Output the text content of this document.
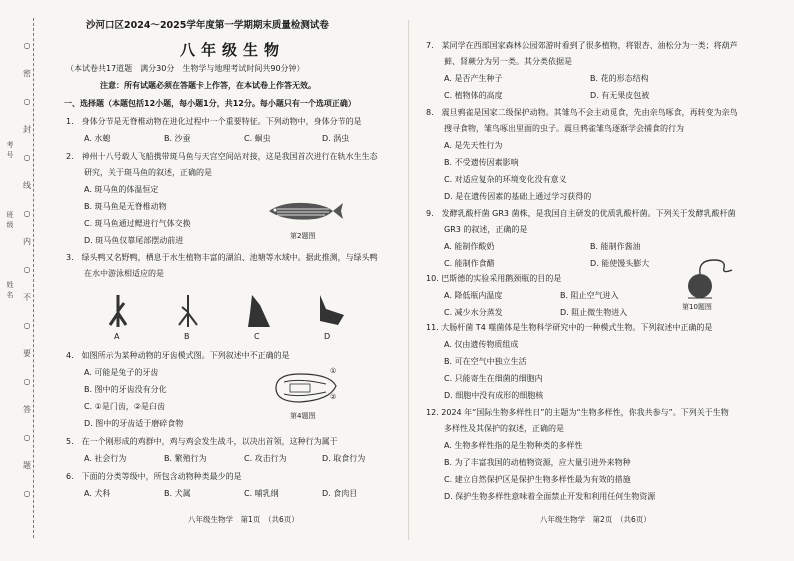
○
密
○
封
○
线
○
内
○
不
○
要
○
答
○
题
○
考
号
班
级
姓
名
沙河口区2024～2025学年度第一学期期末质量检测试卷
八年级生物
（本试卷共17道题　满分30分　生物学与地理考试时间共90分钟）
注意：所有试题必须在答题卡上作答，在本试卷上作答无效。
一、选择题（本题包括12小题，每小题1分，共12分。每小题只有一个选项正确）
1.　身体分节是无脊椎动物在进化过程中一个重要特征。下列动物中，身体分节的是
A. 水螅	B. 沙蚕	C. 蛔虫	D. 涡虫
2.　神州十八号载人飞船携带斑马鱼与天宫空间站对接，这是我国首次进行在轨水生生态
研究，关于斑马鱼的叙述，正确的是
A. 斑马鱼的体温恒定
B. 斑马鱼是无脊椎动物
C. 斑马鱼通过鳃进行气体交换
D. 斑马鱼仅靠尾部摆动前进	第2题图
3.　绿头鸭又名野鸭，栖息于水生植物丰富的湖泊、池塘等水域中。据此推测，与绿头鸭
在水中游泳相适应的是
A	B	C	D
4.　如图所示为某种动物的牙齿模式图。下列叙述中不正确的是
A. 可能是兔子的牙齿
B. 图中的牙齿没有分化
C. ①是门齿，②是臼齿
D. 图中的牙齿适于磨碎食物
①
②
第4题图
5.　在一个刚形成的鸡群中，鸡与鸡会发生战斗，以决出首领，这种行为属于
A. 社会行为	B. 繁殖行为	C. 攻击行为	D. 取食行为
6.　下面的分类等级中，所包含动物种类最少的是
A. 犬科	B. 犬属	C. 哺乳纲	D. 食肉目
八年级生物学　第1页　（共6页）
7.　某同学在西部国家森林公园郊游时看到了很多植物，将银杏、油松分为一类；将葫芦
藓、肾蕨分为另一类。其分类依据是
A. 是否产生种子	B. 花的形态结构
C. 植物体的高度	D. 有无果皮包被
8.　震旦鸦雀是国家二级保护动物。其雏鸟不会主动觅食，先由亲鸟啄食，再转变为亲鸟
搜寻食物，雏鸟啄出里面的虫子。震旦鸦雀雏鸟逐渐学会捕食的行为
A. 是先天性行为
B. 不受遗传因素影响
C. 对适应复杂的环境变化没有意义
D. 是在遗传因素的基础上通过学习获得的
9.　发酵乳酸杆菌 GR3 菌株，是我国自主研发的优质乳酸杆菌。下列关于发酵乳酸杆菌
GR3 的叙述，正确的是
A. 能制作酸奶	B. 能制作酱油
C. 能制作食醋	D. 能使馒头膨大
10. 巴斯德的实验采用鹅颈瓶的目的是
A. 降低瓶内温度	B. 阻止空气进入
C. 减少水分蒸发	D. 阻止微生物进入
第10题图
11. 大肠杆菌 T4 噬菌体是生物科学研究中的一种模式生物。下列叙述中正确的是
A. 仅由遗传物质组成
B. 可在空气中独立生活
C. 只能寄生在细菌的细胞内
D. 细胞中没有成形的细胞核
12. 2024 年“国际生物多样性日”的主题为“生物多样性，你我共参与”。下列关于生物
多样性及其保护的叙述，正确的是
A. 生物多样性指的是生物种类的多样性
B. 为了丰富我国的动植物资源，应大量引进外来物种
C. 建立自然保护区是保护生物多样性最为有效的措施
D. 保护生物多样性意味着全面禁止开发和利用任何生物资源
八年级生物学　第2页　（共6页）
